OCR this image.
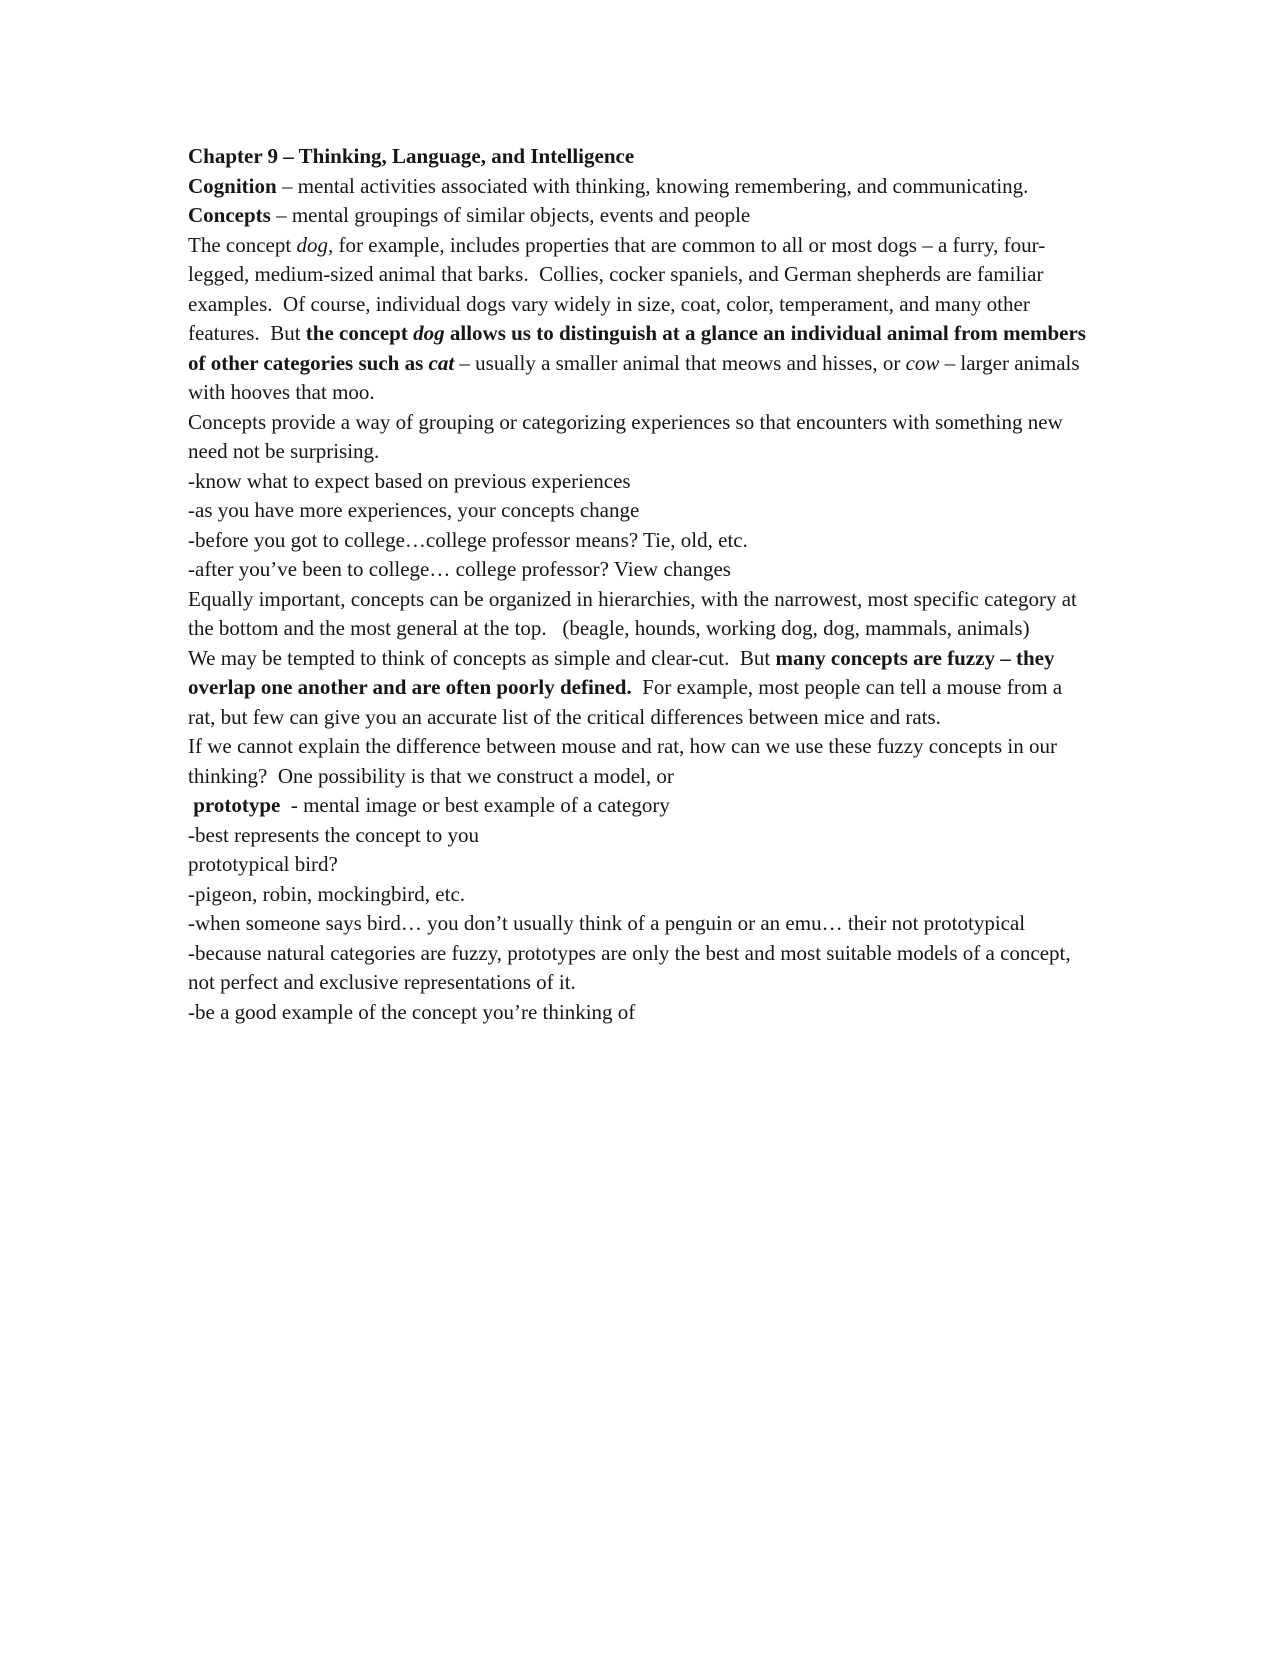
Chapter 9 – Thinking, Language, and Intelligence

Cognition – mental activities associated with thinking, knowing remembering, and communicating.

Concepts – mental groupings of similar objects, events and people

The concept dog, for example, includes properties that are common to all or most dogs – a furry, four-legged, medium-sized animal that barks.  Collies, cocker spaniels, and German shepherds are familiar examples.  Of course, individual dogs vary widely in size, coat, color, temperament, and many other features.  But the concept dog allows us to distinguish at a glance an individual animal from members of other categories such as cat – usually a smaller animal that meows and hisses, or cow – larger animals with hooves that moo.

Concepts provide a way of grouping or categorizing experiences so that encounters with something new need not be surprising.

-know what to expect based on previous experiences

-as you have more experiences, your concepts change

-before you got to college…college professor means? Tie, old, etc.

-after you’ve been to college… college professor? View changes

Equally important, concepts can be organized in hierarchies, with the narrowest, most specific category at the bottom and the most general at the top.   (beagle, hounds, working dog, dog, mammals, animals)

We may be tempted to think of concepts as simple and clear-cut.  But many concepts are fuzzy – they overlap one another and are often poorly defined.  For example, most people can tell a mouse from a rat, but few can give you an accurate list of the critical differences between mice and rats.

If we cannot explain the difference between mouse and rat, how can we use these fuzzy concepts in our thinking?  One possibility is that we construct a model, or

prototype  - mental image or best example of a category

-best represents the concept to you

prototypical bird?

-pigeon, robin, mockingbird, etc.

-when someone says bird… you don’t usually think of a penguin or an emu… their not prototypical

-because natural categories are fuzzy, prototypes are only the best and most suitable models of a concept, not perfect and exclusive representations of it.

-be a good example of the concept you’re thinking of
